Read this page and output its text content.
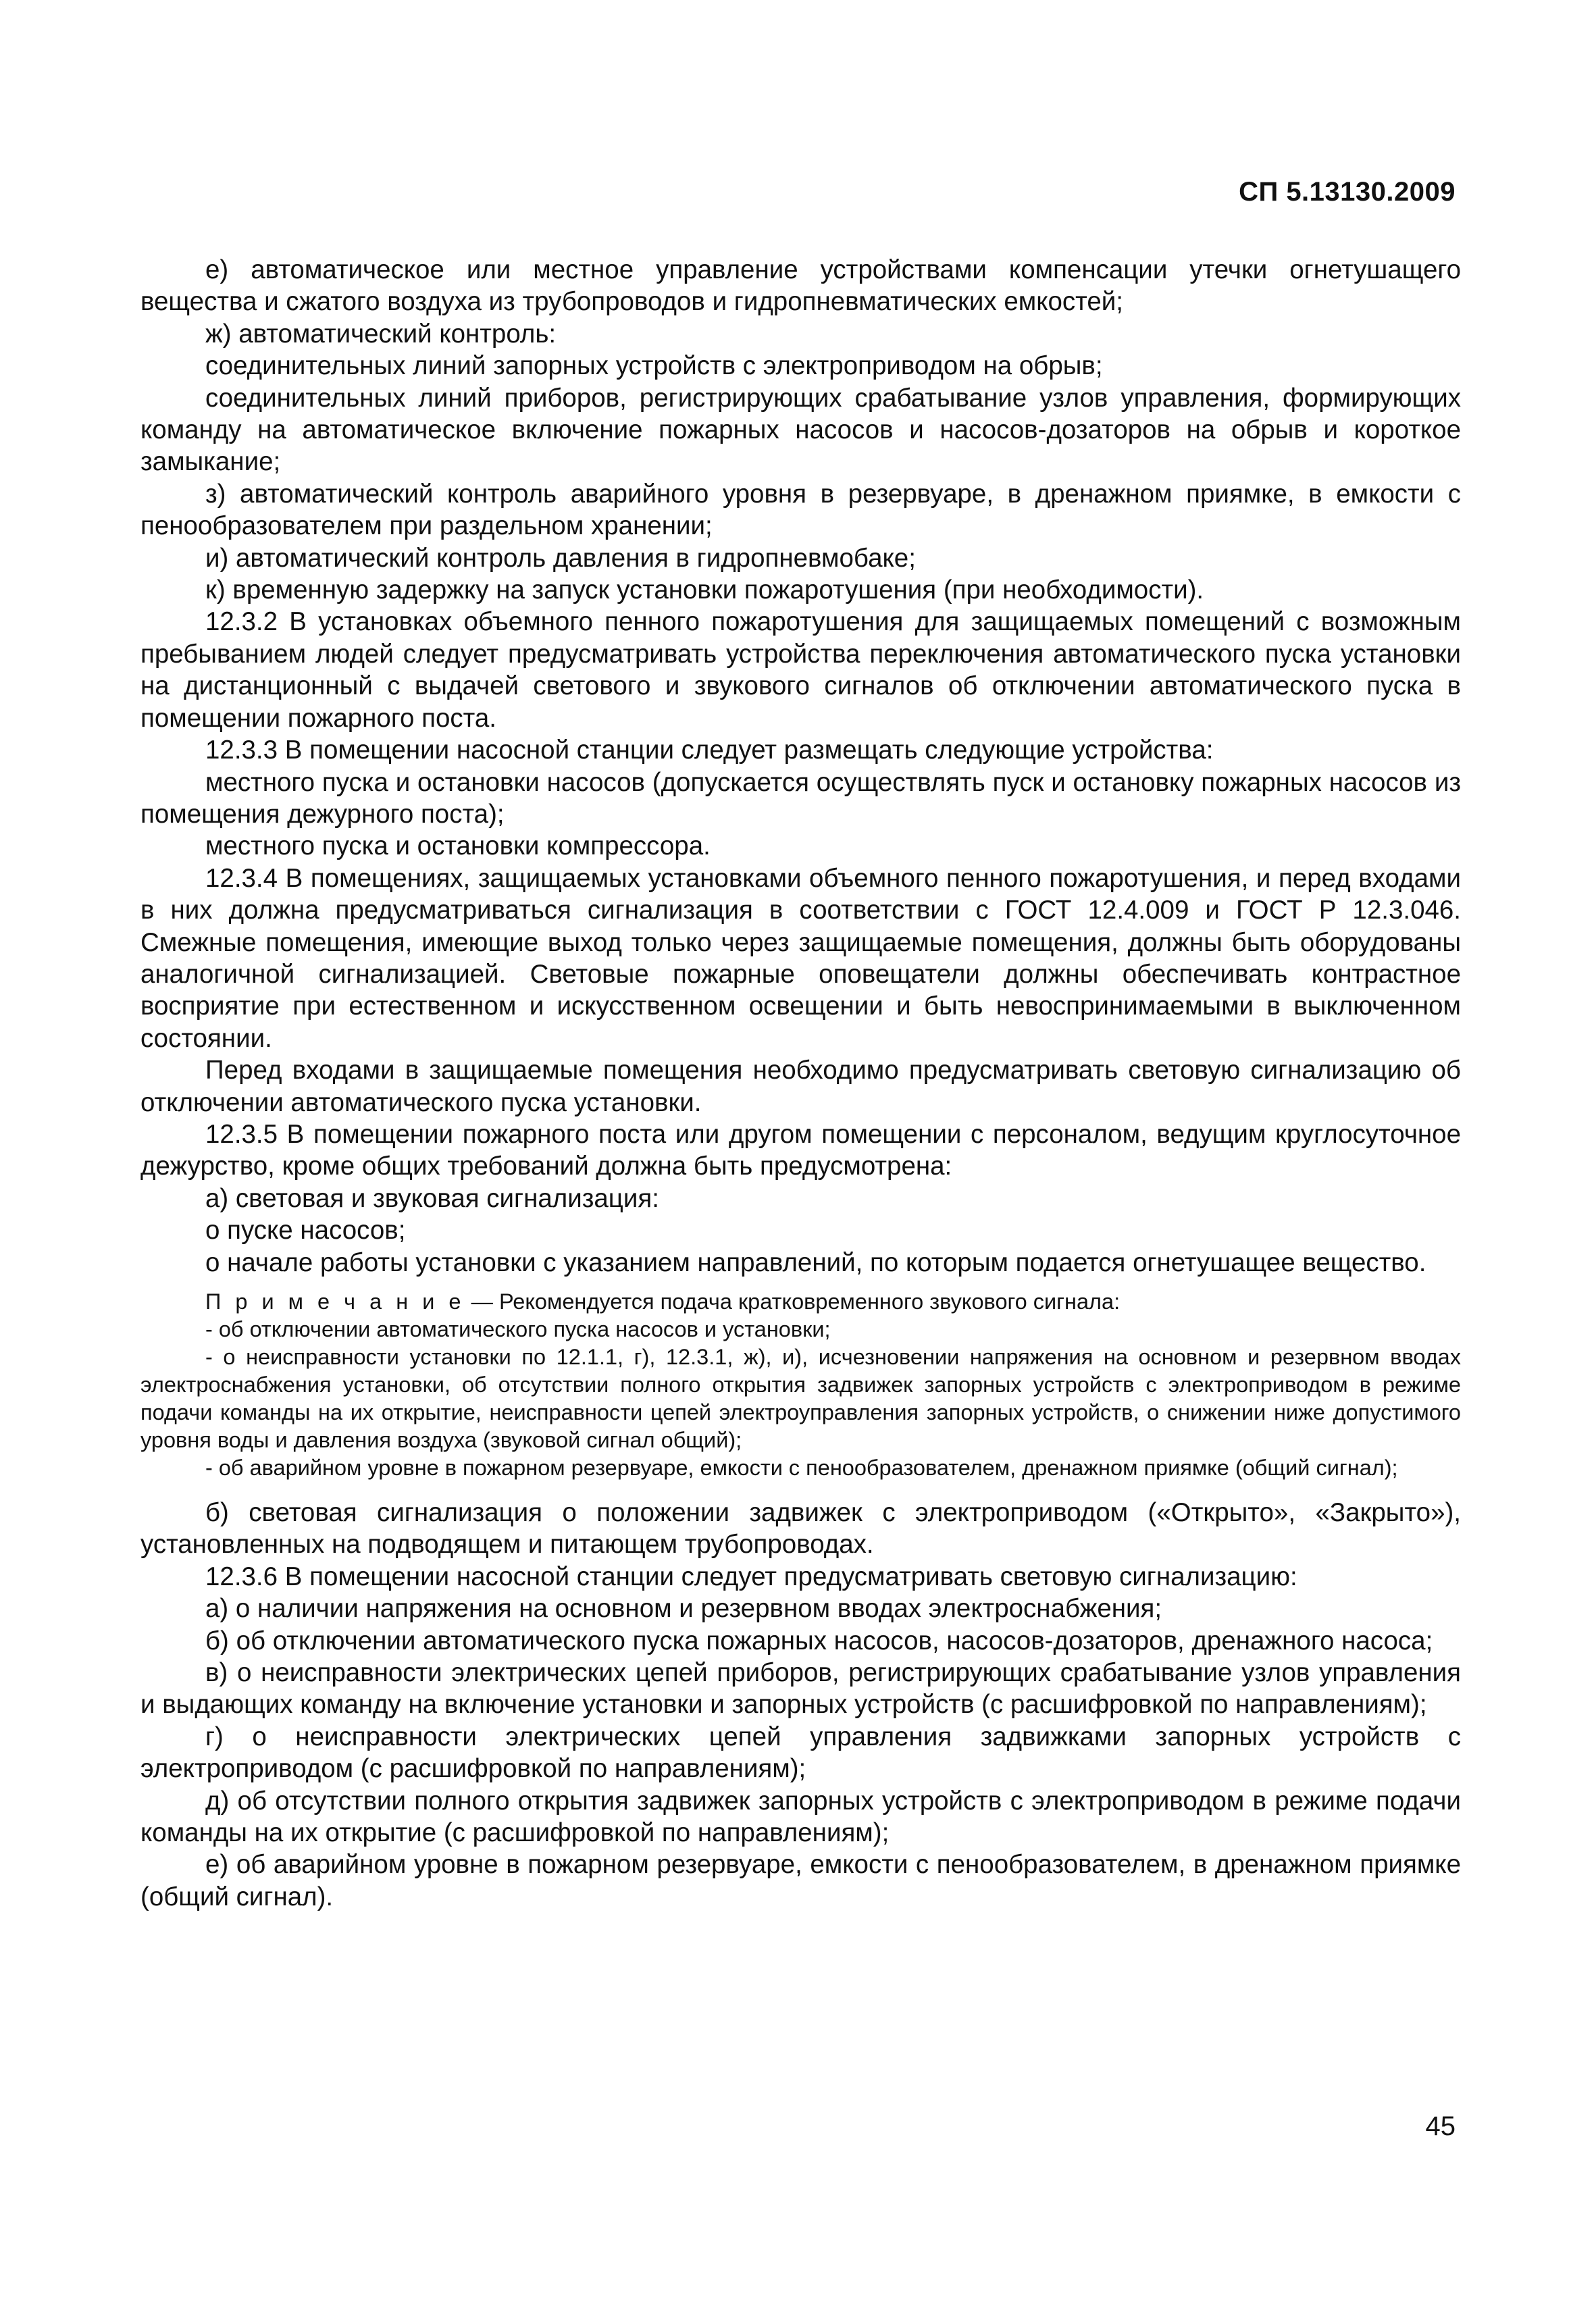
СП 5.13130.2009

е) автоматическое или местное управление устройствами компенсации утечки огнетушащего вещества и сжатого воздуха из трубопроводов и гидропневматических емкостей;

ж) автоматический контроль:

соединительных линий запорных устройств с электроприводом на обрыв;

соединительных линий приборов, регистрирующих срабатывание узлов управления, формирующих команду на автоматическое включение пожарных насосов и насосов-дозаторов на обрыв и короткое замыкание;

з) автоматический контроль аварийного уровня в резервуаре, в дренажном приямке, в емкости с пенообразователем при раздельном хранении;

и) автоматический контроль давления в гидропневмобаке;

к) временную задержку на запуск установки пожаротушения (при необходимости).

12.3.2 В установках объемного пенного пожаротушения для защищаемых помещений с возможным пребыванием людей следует предусматривать устройства переключения автоматического пуска установки на дистанционный с выдачей светового и звукового сигналов об отключении автоматического пуска в помещении пожарного поста.

12.3.3 В помещении насосной станции следует размещать следующие устройства:

местного пуска и остановки насосов (допускается осуществлять пуск и остановку пожарных насосов из помещения дежурного поста);

местного пуска и остановки компрессора.

12.3.4 В помещениях, защищаемых установками объемного пенного пожаротушения, и перед входами в них должна предусматриваться сигнализация в соответствии с ГОСТ 12.4.009 и ГОСТ Р 12.3.046. Смежные помещения, имеющие выход только через защищаемые помещения, должны быть оборудованы аналогичной сигнализацией. Световые пожарные оповещатели должны обеспечивать контрастное восприятие при естественном и искусственном освещении и быть невоспринимаемыми в выключенном состоянии.

Перед входами в защищаемые помещения необходимо предусматривать световую сигнализацию об отключении автоматического пуска установки.

12.3.5 В помещении пожарного поста или другом помещении с персоналом, ведущим круглосуточное дежурство, кроме общих требований должна быть предусмотрена:

а) световая и звуковая сигнализация:

о пуске насосов;

о начале работы установки с указанием направлений, по которым подается огнетушащее вещество.

П р и м е ч а н и е — Рекомендуется подача кратковременного звукового сигнала:

- об отключении автоматического пуска насосов и установки;

- о неисправности установки по 12.1.1, г), 12.3.1, ж), и), исчезновении напряжения на основном и резервном вводах электроснабжения установки, об отсутствии полного открытия задвижек запорных устройств с электроприводом в режиме подачи команды на их открытие, неисправности цепей электроуправления запорных устройств, о снижении ниже допустимого уровня воды и давления воздуха (звуковой сигнал общий);

- об аварийном уровне в пожарном резервуаре, емкости с пенообразователем, дренажном приямке (общий сигнал);

б) световая сигнализация о положении задвижек с электроприводом («Открыто», «Закрыто»), установленных на подводящем и питающем трубопроводах.

12.3.6 В помещении насосной станции следует предусматривать световую сигнализацию:

а) о наличии напряжения на основном и резервном вводах электроснабжения;

б) об отключении автоматического пуска пожарных насосов, насосов-дозаторов, дренажного насоса;

в) о неисправности электрических цепей приборов, регистрирующих срабатывание узлов управления и выдающих команду на включение установки и запорных устройств (с расшифровкой по направлениям);

г) о неисправности электрических цепей управления задвижками запорных устройств с электроприводом (с расшифровкой по направлениям);

д) об отсутствии полного открытия задвижек запорных устройств с электроприводом в режиме подачи команды на их открытие (с расшифровкой по направлениям);

е) об аварийном уровне в пожарном резервуаре, емкости с пенообразователем, в дренажном приямке (общий сигнал).

45
